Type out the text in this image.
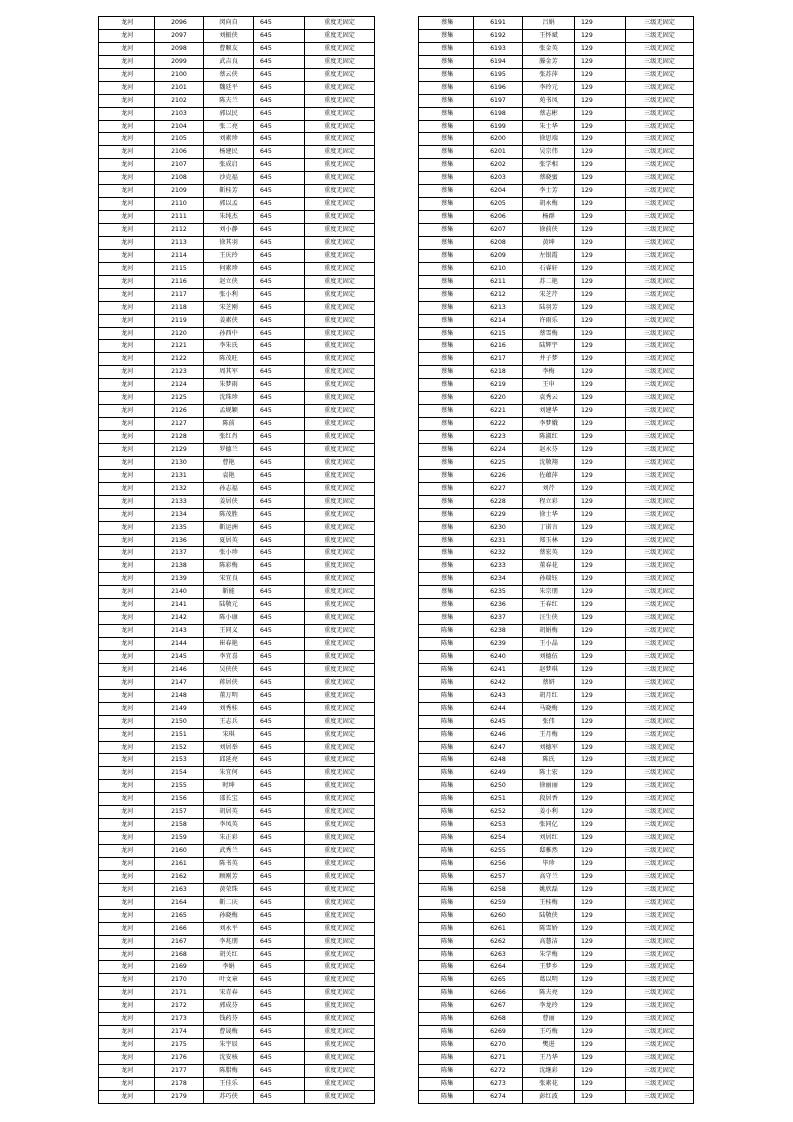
龙河	2096	闵向自	645	重度无固定
龙河	2097	刘振侠	645	重度无固定
龙河	2098	曹顺友	645	重度无固定
龙河	2099	武吉良	645	重度无固定
龙河	2100	蔡云侠	645	重度无固定
龙河	2101	魏廷平	645	重度无固定
龙河	2102	陈夫兰	645	重度无固定
龙河	2103	郭以民	645	重度无固定
龙河	2104	张二亮	645	重度无固定
龙河	2105	刘素珍	645	重度无固定
龙河	2106	杨建民	645	重度无固定
龙河	2107	张成启	645	重度无固定
龙河	2108	沙克福	645	重度无固定
龙河	2109	靳桂芳	645	重度无固定
龙河	2110	郭以孟	645	重度无固定
龙河	2111	朱纯杰	645	重度无固定
龙河	2112	刘小静	645	重度无固定
龙河	2113	徐其羽	645	重度无固定
龙河	2114	王庆玲	645	重度无固定
龙河	2115	何素珍	645	重度无固定
龙河	2116	赵立侠	645	重度无固定
龙河	2117	张小利	645	重度无固定
龙河	2118	宋芝刚	645	重度无固定
龙河	2119	姜素侠	645	重度无固定
龙河	2120	孙西中	645	重度无固定
龙河	2121	李朱氏	645	重度无固定
龙河	2122	陈茂旺	645	重度无固定
龙河	2123	周其军	645	重度无固定
龙河	2124	朱梦雨	645	重度无固定
龙河	2125	沈珠珍	645	重度无固定
龙河	2126	孟规颖	645	重度无固定
龙河	2127	陈前	645	重度无固定
龙河	2128	张红肖	645	重度无固定
龙河	2129	罗德兰	645	重度无固定
龙河	2130	曹艳	645	重度无固定
龙河	2131	袁艳	645	重度无固定
龙河	2132	孙志福	645	重度无固定
龙河	2133	姜居侠	645	重度无固定
龙河	2134	陈茂胜	645	重度无固定
龙河	2135	靳运洲	645	重度无固定
龙河	2136	夏居英	645	重度无固定
龙河	2137	张小珍	645	重度无固定
龙河	2138	陈彩梅	645	重度无固定
龙河	2139	宋宜良	645	重度无固定
龙河	2140	靳能	645	重度无固定
龙河	2141	陆敬元	645	重度无固定
龙河	2142	陈小康	645	重度无固定
龙河	2143	王同义	645	重度无固定
龙河	2144	崔春艳	645	重度无固定
龙河	2145	李宜喜	645	重度无固定
龙河	2146	吴侠侠	645	重度无固定
龙河	2147	蒋居侠	645	重度无固定
龙河	2148	董万明	645	重度无固定
龙河	2149	刘秀桂	645	重度无固定
龙河	2150	王志兵	645	重度无固定
龙河	2151	宋琪	645	重度无固定
龙河	2152	刘居举	645	重度无固定
龙河	2153	邱延亮	645	重度无固定
龙河	2154	朱宜何	645	重度无固定
龙河	2155	时坤	645	重度无固定
龙河	2156	邵长宝	645	重度无固定
龙河	2157	胡居英	645	重度无固定
龙河	2158	李凤英	645	重度无固定
龙河	2159	朱正彩	645	重度无固定
龙河	2160	武秀兰	645	重度无固定
龙河	2161	陈书英	645	重度无固定
龙河	2162	顾刚芳	645	重度无固定
龙河	2163	黄荣珠	645	重度无固定
龙河	2164	靳二庆	645	重度无固定
龙河	2165	孙晓梅	645	重度无固定
龙河	2166	刘永平	645	重度无固定
龙河	2167	李兆朋	645	重度无固定
龙河	2168	胡关红	645	重度无固定
龙河	2169	李娟	645	重度无固定
龙河	2170	叶文章	645	重度无固定
龙河	2171	宋青春	645	重度无固定
龙河	2172	郭成芬	645	重度无固定
龙河	2173	钱药芬	645	重度无固定
龙河	2174	曹晟梅	645	重度无固定
龙河	2175	朱宇辰	645	重度无固定
龙河	2176	沈安核	645	重度无固定
龙河	2177	陈腊梅	645	重度无固定
龙河	2178	王佳乐	645	重度无固定
龙河	2179	苏巧侠	645	重度无固定
蔡集	6191	吕娟	129	三级无固定
蔡集	6192	王怀斌	129	三级无固定
蔡集	6193	张金英	129	三级无固定
蔡集	6194	滕金芳	129	三级无固定
蔡集	6195	张苏萍	129	三级无固定
蔡集	6196	李玲元	129	三级无固定
蔡集	6197	苑书凤	129	三级无固定
蔡集	6198	蔡志彬	129	三级无固定
蔡集	6199	朱士华	129	三级无固定
蔡集	6200	徐思端	129	三级无固定
蔡集	6201	吴宗伟	129	三级无固定
蔡集	6202	张学相	129	三级无固定
蔡集	6203	蔡晓蜜	129	三级无固定
蔡集	6204	李士芳	129	三级无固定
蔡集	6205	胡永梅	129	三级无固定
蔡集	6206	杨群	129	三级无固定
蔡集	6207	徐前侠	129	三级无固定
蔡集	6208	黄坤	129	三级无固定
蔡集	6209	左银霞	129	三级无固定
蔡集	6210	石睿轩	129	三级无固定
蔡集	6211	苏二艳	129	三级无固定
蔡集	6212	宋芝芹	129	三级无固定
蔡集	6213	陆羽芳	129	三级无固定
蔡集	6214	许雨乐	129	三级无固定
蔡集	6215	蔡雪梅	129	三级无固定
蔡集	6216	陆辉宇	129	三级无固定
蔡集	6217	井子梦	129	三级无固定
蔡集	6218	李梅	129	三级无固定
蔡集	6219	王申	129	三级无固定
蔡集	6220	袁秀云	129	三级无固定
蔡集	6221	刘建华	129	三级无固定
蔡集	6222	李梦娥	129	三级无固定
蔡集	6223	陈淑红	129	三级无固定
蔡集	6224	赵永芬	129	三级无固定
蔡集	6225	沈敬翔	129	三级无固定
蔡集	6226	佐蕴萍	129	三级无固定
蔡集	6227	刘芹	129	三级无固定
蔡集	6228	程立彩	129	三级无固定
蔡集	6229	徐士华	129	三级无固定
蔡集	6230	丁诺言	129	三级无固定
蔡集	6231	郑玉林	129	三级无固定
蔡集	6232	蔡宏英	129	三级无固定
蔡集	6233	董春花	129	三级无固定
蔡集	6234	孙瑞钰	129	三级无固定
蔡集	6235	朱宗朋	129	三级无固定
蔡集	6236	王春红	129	三级无固定
蔡集	6237	汪生侠	129	三级无固定
陈集	6238	胡娟梅	129	三级无固定
陈集	6239	王小晶	129	三级无固定
陈集	6240	刘德伍	129	三级无固定
陈集	6241	赵梦琪	129	三级无固定
陈集	6242	蔡妍	129	三级无固定
陈集	6243	胡月红	129	三级无固定
陈集	6244	马晓梅	129	三级无固定
陈集	6245	张伟	129	三级无固定
陈集	6246	王月梅	129	三级无固定
陈集	6247	刘德军	129	三级无固定
陈集	6248	陈氏	129	三级无固定
陈集	6249	陈士宏	129	三级无固定
陈集	6250	徐丽丽	129	三级无固定
陈集	6251	段居香	129	三级无固定
陈集	6252	姜小利	129	三级无固定
陈集	6253	张同亿	129	三级无固定
陈集	6254	刘居红	129	三级无固定
陈集	6255	邸雅然	129	三级无固定
陈集	6256	毕珍	129	三级无固定
陈集	6257	高守兰	129	三级无固定
陈集	6258	姚欣磊	129	三级无固定
陈集	6259	王桂梅	129	三级无固定
陈集	6260	陆敬侠	129	三级无固定
陈集	6261	陈雪娇	129	三级无固定
陈集	6262	高慧洁	129	三级无固定
陈集	6263	朱学梅	129	三级无固定
陈集	6264	王梦乡	129	三级无固定
陈集	6265	葛以明	129	三级无固定
陈集	6266	陈夫亮	129	三级无固定
陈集	6267	李龙玲	129	三级无固定
陈集	6268	曹丽	129	三级无固定
陈集	6269	王巧梅	129	三级无固定
陈集	6270	樊进	129	三级无固定
陈集	6271	王乃华	129	三级无固定
陈集	6272	沈继彩	129	三级无固定
陈集	6273	张素花	129	三级无固定
陈集	6274	彭红波	129	三级无固定
